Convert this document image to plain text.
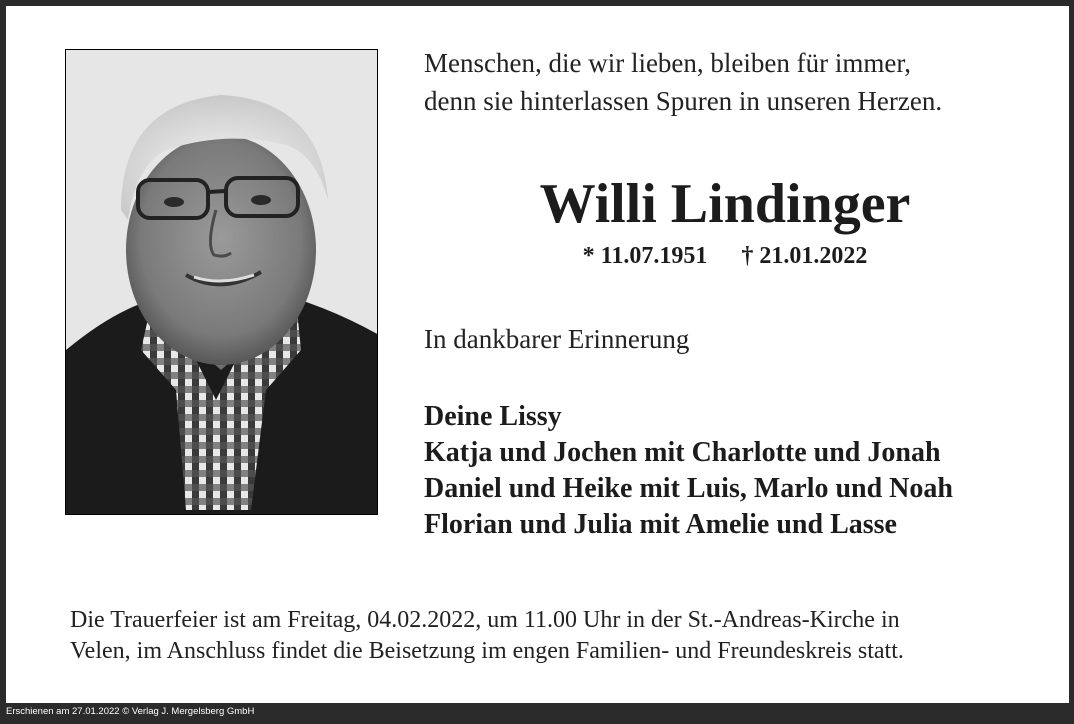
Menschen, die wir lieben, bleiben für immer,
denn sie hinterlassen Spuren in unseren Herzen.
Willi Lindinger
* 11.07.1951 † 21.01.2022
In dankbarer Erinnerung
Deine Lissy
Katja und Jochen mit Charlotte und Jonah
Daniel und Heike mit Luis, Marlo und Noah
Florian und Julia mit Amelie und Lasse
Die Trauerfeier ist am Freitag, 04.02.2022, um 11.00 Uhr in der St.-Andreas-Kirche in
Velen, im Anschluss findet die Beisetzung im engen Familien- und Freundeskreis statt.
Erschienen am 27.01.2022 © Verlag J. Mergelsberg GmbH
